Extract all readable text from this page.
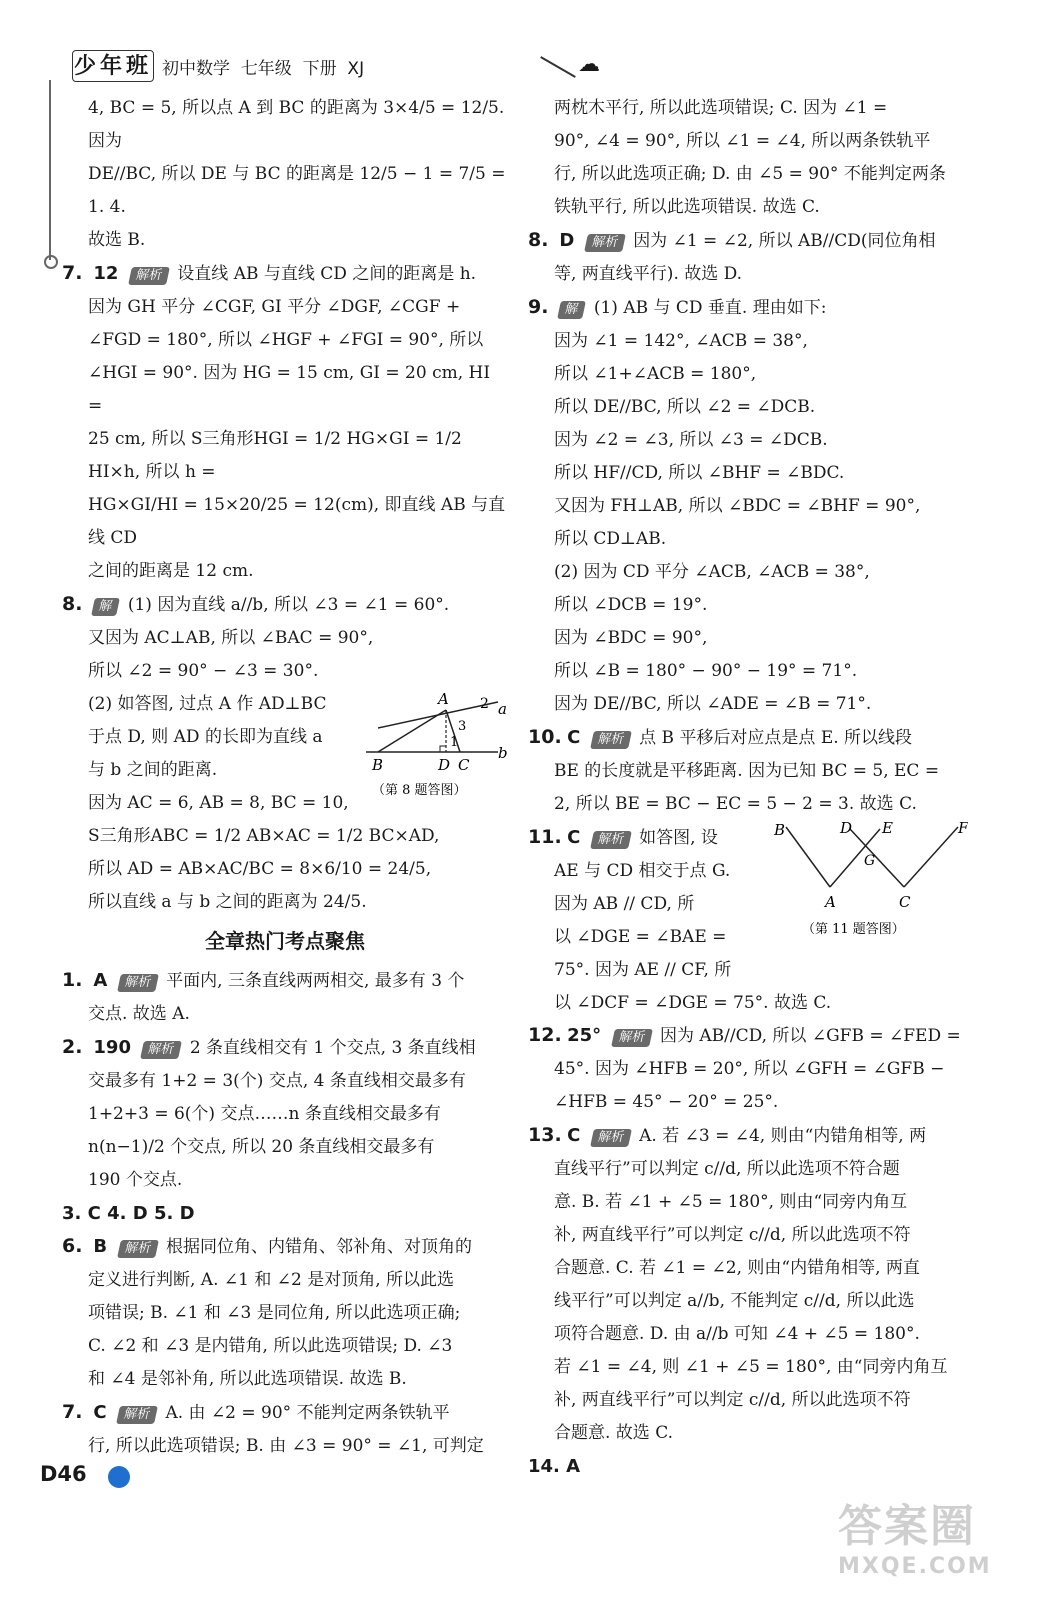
少年班 初中数学  七年级  下册  XJ	☁

4, BC = 5, 所以点 A 到 BC 的距离为 3×4/5 = 12/5. 因为

DE//BC, 所以 DE 与 BC 的距离是 12/5 − 1 = 7/5 = 1. 4.

故选 B.

7. 12 解析 设直线 AB 与直线 CD 之间的距离是 h.

因为 GH 平分 ∠CGF, GI 平分 ∠DGF, ∠CGF +

∠FGD = 180°, 所以 ∠HGF + ∠FGI = 90°, 所以

∠HGI = 90°. 因为 HG = 15 cm, GI = 20 cm, HI =

25 cm, 所以 S三角形HGI = 1/2 HG×GI = 1/2 HI×h, 所以 h =

HG×GI/HI = 15×20/25 = 12(cm), 即直线 AB 与直线 CD

之间的距离是 12 cm.

8. 解 (1) 因为直线 a//b, 所以 ∠3 = ∠1 = 60°.

又因为 AC⊥AB, 所以 ∠BAC = 90°,

所以 ∠2 = 90° − ∠3 = 30°.

(2) 如答图, 过点 A 作 AD⊥BC

于点 D, 则 AD 的长即为直线 a

与 b 之间的距离.

因为 AC = 6, AB = 8, BC = 10,

A 2 a
3
1
b
B	D C
（第 8 题答图）

S三角形ABC = 1/2 AB×AC = 1/2 BC×AD,

所以 AD = AB×AC/BC = 8×6/10 = 24/5,

所以直线 a 与 b 之间的距离为 24/5.

全章热门考点聚焦

1. A 解析 平面内, 三条直线两两相交, 最多有 3 个

交点. 故选 A.

2. 190 解析 2 条直线相交有 1 个交点, 3 条直线相

交最多有 1+2 = 3(个) 交点, 4 条直线相交最多有

1+2+3 = 6(个) 交点……n 条直线相交最多有

n(n−1)/2 个交点, 所以 20 条直线相交最多有

190 个交点.

3. C 4. D 5. D

6. B 解析 根据同位角、内错角、邻补角、对顶角的

定义进行判断, A. ∠1 和 ∠2 是对顶角, 所以此选

项错误; B. ∠1 和 ∠3 是同位角, 所以此选项正确;

C. ∠2 和 ∠3 是内错角, 所以此选项错误; D. ∠3

和 ∠4 是邻补角, 所以此选项错误. 故选 B.

7. C 解析 A. 由 ∠2 = 90° 不能判定两条铁轨平

行, 所以此选项错误; B. 由 ∠3 = 90° = ∠1, 可判定

两枕木平行, 所以此选项错误; C. 因为 ∠1 =

90°, ∠4 = 90°, 所以 ∠1 = ∠4, 所以两条铁轨平

行, 所以此选项正确; D. 由 ∠5 = 90° 不能判定两条

铁轨平行, 所以此选项错误. 故选 C.

8. D 解析 因为 ∠1 = ∠2, 所以 AB//CD(同位角相

等, 两直线平行). 故选 D.

9. 解 (1) AB 与 CD 垂直. 理由如下:

因为 ∠1 = 142°, ∠ACB = 38°,

所以 ∠1+∠ACB = 180°,

所以 DE//BC, 所以 ∠2 = ∠DCB.

因为 ∠2 = ∠3, 所以 ∠3 = ∠DCB.

所以 HF//CD, 所以 ∠BHF = ∠BDC.

又因为 FH⊥AB, 所以 ∠BDC = ∠BHF = 90°,

所以 CD⊥AB.

(2) 因为 CD 平分 ∠ACB, ∠ACB = 38°,

所以 ∠DCB = 19°.

因为 ∠BDC = 90°,

所以 ∠B = 180° − 90° − 19° = 71°.

因为 DE//BC, 所以 ∠ADE = ∠B = 71°.

10. C 解析 点 B 平移后对应点是点 E. 所以线段

BE 的长度就是平移距离. 因为已知 BC = 5, EC =

2, 所以 BE = BC − EC = 5 − 2 = 3. 故选 C.

11. C 解析 如答图, 设

AE 与 CD 相交于点 G.

因为 AB // CD, 所

以 ∠DGE = ∠BAE =

75°. 因为 AE // CF, 所

以 ∠DCF = ∠DGE = 75°. 故选 C.

B	D E	F
G
A	C
（第 11 题答图）

12. 25° 解析 因为 AB//CD, 所以 ∠GFB = ∠FED =

45°. 因为 ∠HFB = 20°, 所以 ∠GFH = ∠GFB −

∠HFB = 45° − 20° = 25°.

13. C 解析 A. 若 ∠3 = ∠4, 则由“内错角相等, 两

直线平行”可以判定 c//d, 所以此选项不符合题

意. B. 若 ∠1 + ∠5 = 180°, 则由“同旁内角互

补, 两直线平行”可以判定 c//d, 所以此选项不符

合题意. C. 若 ∠1 = ∠2, 则由“内错角相等, 两直

线平行”可以判定 a//b, 不能判定 c//d, 所以此选

项符合题意. D. 由 a//b 可知 ∠4 + ∠5 = 180°.

若 ∠1 = ∠4, 则 ∠1 + ∠5 = 180°, 由“同旁内角互

补, 两直线平行”可以判定 c//d, 所以此选项不符

合题意. 故选 C.

14. A

D46
答案圈
MXQE.COM
